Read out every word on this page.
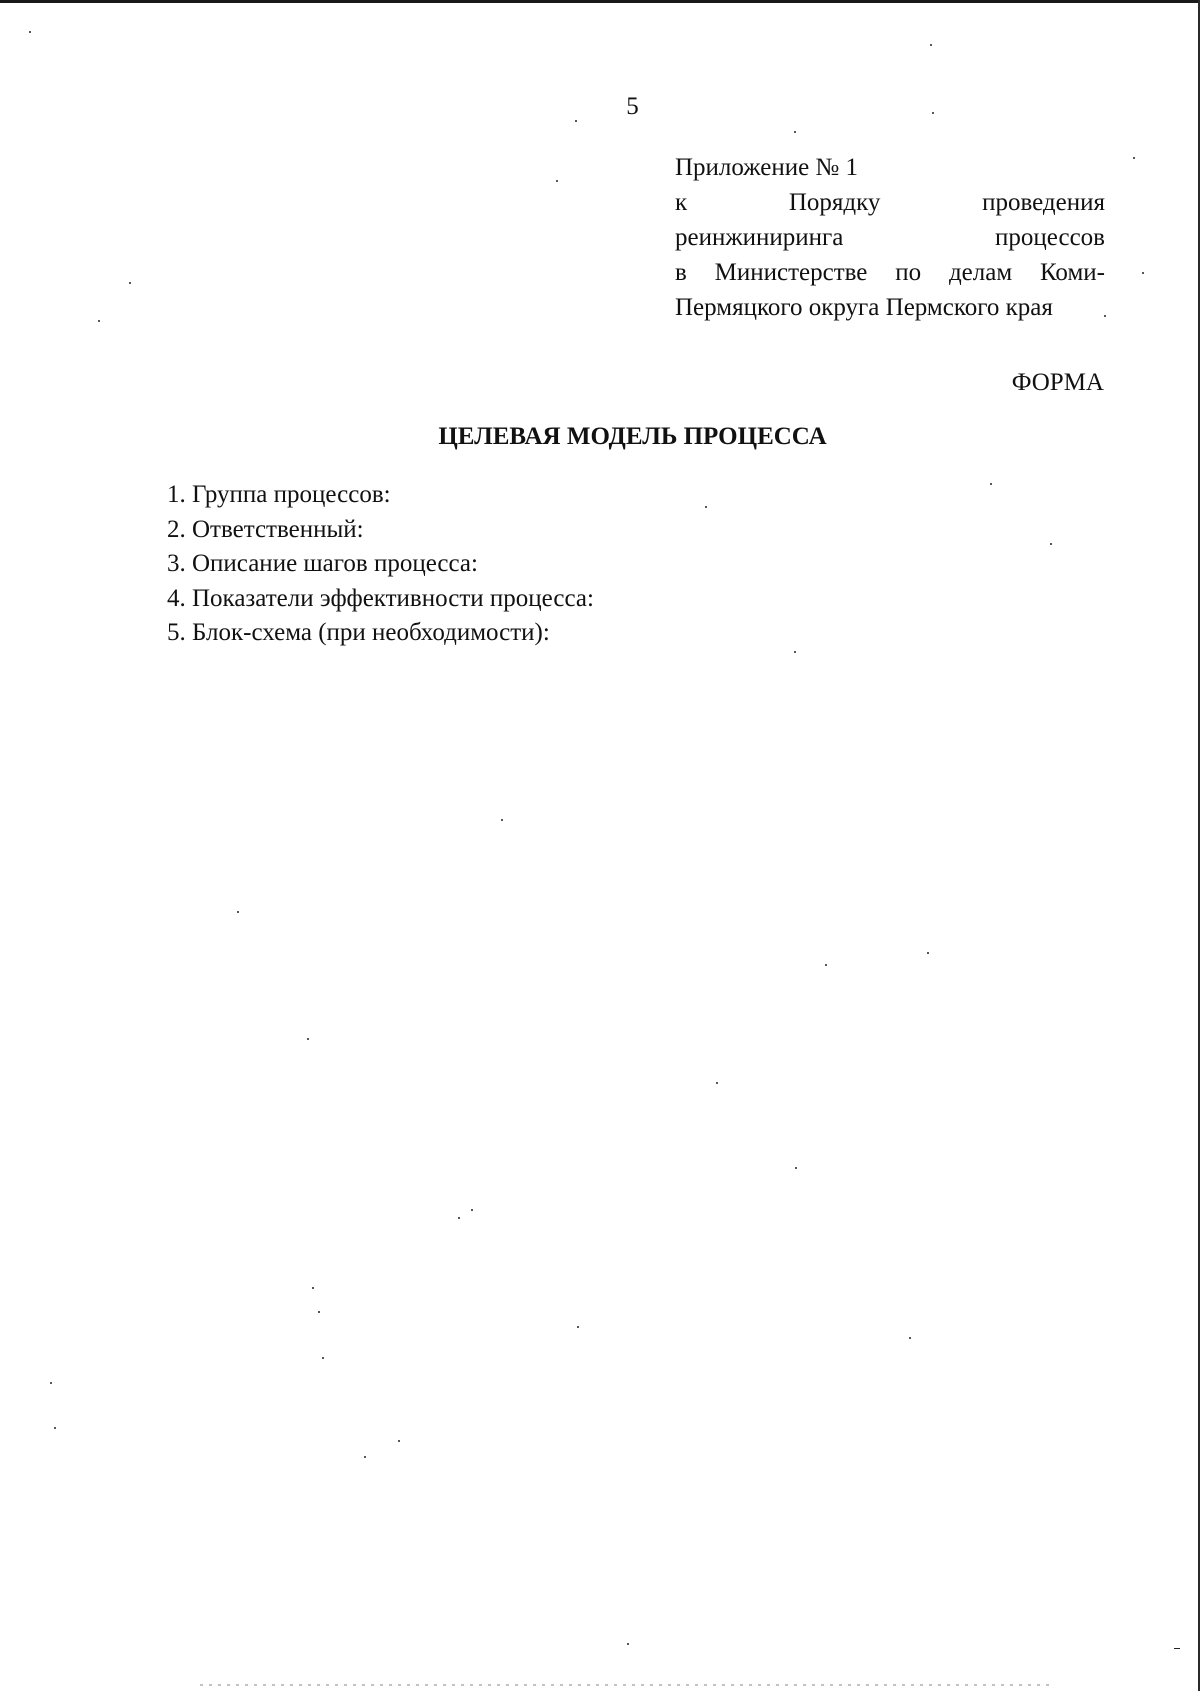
5
Приложение № 1
к	Порядку	проведения
реинжиниринга	процессов
в Министерстве по делам Коми-
Пермяцкого округа Пермского края
ФОРМА
ЦЕЛЕВАЯ МОДЕЛЬ ПРОЦЕССА
1. Группа процессов:
2. Ответственный:
3. Описание шагов процесса:
4. Показатели эффективности процесса:
5. Блок-схема (при необходимости):
